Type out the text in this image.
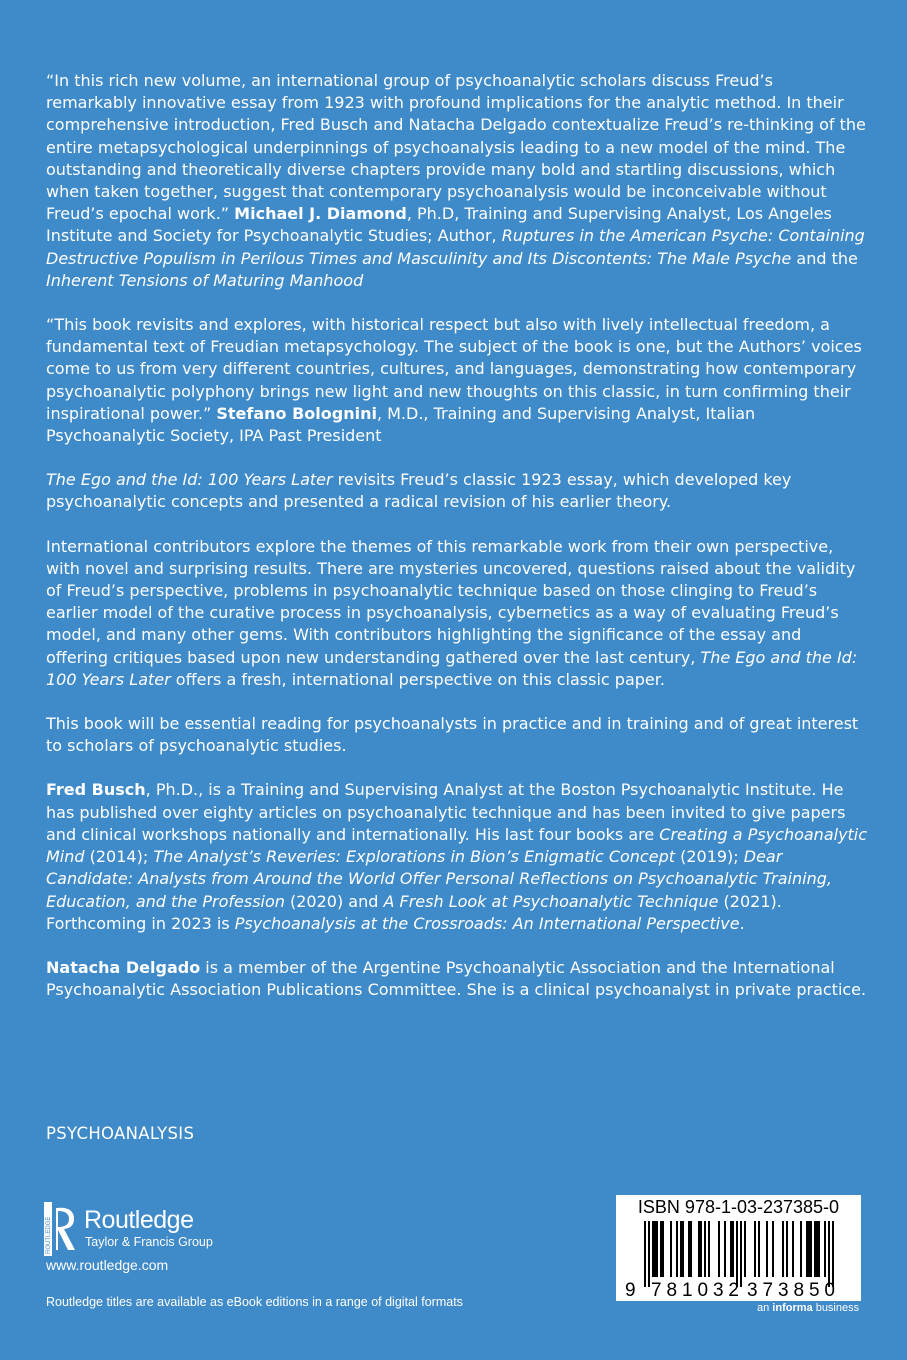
“In this rich new volume, an international group of psychoanalytic scholars discuss Freud’s remarkably innovative essay from 1923 with profound implications for the analytic method. In their comprehensive introduction, Fred Busch and Natacha Delgado contextualize Freud’s re-thinking of the entire metapsychological underpinnings of psychoanalysis leading to a new model of the mind. The outstanding and theoretically diverse chapters provide many bold and startling discussions, which when taken together, suggest that contemporary psychoanalysis would be inconceivable without Freud’s epochal work.” Michael J. Diamond, Ph.D, Training and Supervising Analyst, Los Angeles Institute and Society for Psychoanalytic Studies; Author, Ruptures in the American Psyche: Containing Destructive Populism in Perilous Times and Masculinity and Its Discontents: The Male Psyche and the Inherent Tensions of Maturing Manhood

“This book revisits and explores, with historical respect but also with lively intellectual freedom, a fundamental text of Freudian metapsychology. The subject of the book is one, but the Authors’ voices come to us from very different countries, cultures, and languages, demonstrating how contemporary psychoanalytic polyphony brings new light and new thoughts on this classic, in turn confirming their inspirational power.” Stefano Bolognini, M.D., Training and Supervising Analyst, Italian Psychoanalytic Society, IPA Past President

The Ego and the Id: 100 Years Later revisits Freud’s classic 1923 essay, which developed key psychoanalytic concepts and presented a radical revision of his earlier theory.

International contributors explore the themes of this remarkable work from their own perspective, with novel and surprising results. There are mysteries uncovered, questions raised about the validity of Freud’s perspective, problems in psychoanalytic technique based on those clinging to Freud’s earlier model of the curative process in psychoanalysis, cybernetics as a way of evaluating Freud’s model, and many other gems. With contributors highlighting the significance of the essay and offering critiques based upon new understanding gathered over the last century, The Ego and the Id: 100 Years Later offers a fresh, international perspective on this classic paper.

This book will be essential reading for psychoanalysts in practice and in training and of great interest to scholars of psychoanalytic studies.

Fred Busch, Ph.D., is a Training and Supervising Analyst at the Boston Psychoanalytic Institute. He has published over eighty articles on psychoanalytic technique and has been invited to give papers and clinical workshops nationally and internationally. His last four books are Creating a Psychoanalytic Mind (2014); The Analyst’s Reveries: Explorations in Bion’s Enigmatic Concept (2019); Dear Candidate: Analysts from Around the World Offer Personal Reflections on Psychoanalytic Training, Education, and the Profession (2020) and A Fresh Look at Psychoanalytic Technique (2021). Forthcoming in 2023 is Psychoanalysis at the Crossroads: An International Perspective.

Natacha Delgado is a member of the Argentine Psychoanalytic Association and the International Psychoanalytic Association Publications Committee. She is a clinical psychoanalyst in private practice.

PSYCHOANALYSIS
ROUTLEDGE Routledge
Taylor & Francis Group
www.routledge.com
Routledge titles are available as eBook editions in a range of digital formats
ISBN 978-1-03-237385-0
9 781032 373850
an informa business
